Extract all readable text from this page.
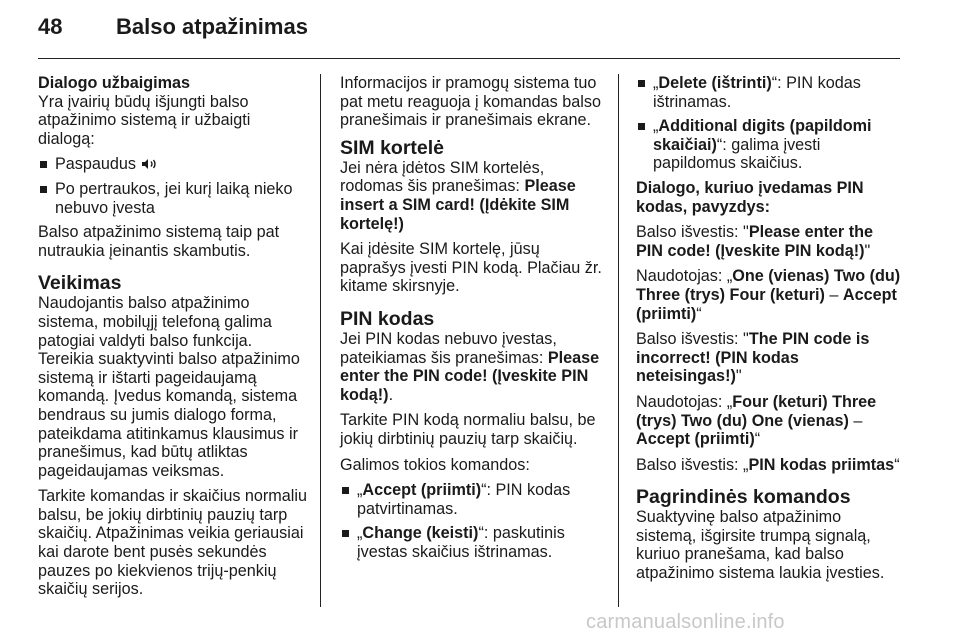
48 Balso atpažinimas

Dialogo užbaigimas

Yra įvairių būdų išjungti balso atpažinimo sistemą ir užbaigti dialogą:

Paspaudus
Po pertraukos, jei kurį laiką nieko nebuvo įvesta

Balso atpažinimo sistemą taip pat nutraukia įeinantis skambutis.

Veikimas

Naudojantis balso atpažinimo sistema, mobilųjį telefoną galima patogiai valdyti balso funkcija. Tereikia suaktyvinti balso atpažinimo sistemą ir ištarti pageidaujamą komandą. Įvedus komandą, sistema bendraus su jumis dialogo forma, pateikdama atitinkamus klausimus ir pranešimus, kad būtų atliktas pageidaujamas veiksmas.

Tarkite komandas ir skaičius normaliu balsu, be jokių dirbtinių pauzių tarp skaičių. Atpažinimas veikia geriausiai kai darote bent pusės sekundės pauzes po kiekvienos trijų-penkių skaičių serijos.

Informacijos ir pramogų sistema tuo pat metu reaguoja į komandas balso pranešimais ir pranešimais ekrane.

SIM kortelė

Jei nėra įdėtos SIM kortelės, rodomas šis pranešimas: Please insert a SIM card! (Įdėkite SIM kortelę!)

Kai įdėsite SIM kortelę, jūsų paprašys įvesti PIN kodą. Plačiau žr. kitame skirsnyje.

PIN kodas

Jei PIN kodas nebuvo įvestas, pateikiamas šis pranešimas: Please enter the PIN code! (Įveskite PIN kodą!).

Tarkite PIN kodą normaliu balsu, be jokių dirbtinių pauzių tarp skaičių.

Galimos tokios komandos:

„Accept (priimti)“: PIN kodas patvirtinamas.
„Change (keisti)“: paskutinis įvestas skaičius ištrinamas.
„Delete (ištrinti)“: PIN kodas ištrinamas.
„Additional digits (papildomi skaičiai)“: galima įvesti papildomus skaičius.

Dialogo, kuriuo įvedamas PIN kodas, pavyzdys:

Balso išvestis: "Please enter the PIN code! (Įveskite PIN kodą!)"

Naudotojas: „One (vienas) Two (du) Three (trys) Four (keturi) – Accept (priimti)“

Balso išvestis: "The PIN code is incorrect! (PIN kodas neteisingas!)"

Naudotojas: „Four (keturi) Three (trys) Two (du) One (vienas) – Accept (priimti)“

Balso išvestis: „PIN kodas priimtas“

Pagrindinės komandos

Suaktyvinę balso atpažinimo sistemą, išgirsite trumpą signalą, kuriuo pranešama, kad balso atpažinimo sistema laukia įvesties.

carmanualsonline.info
